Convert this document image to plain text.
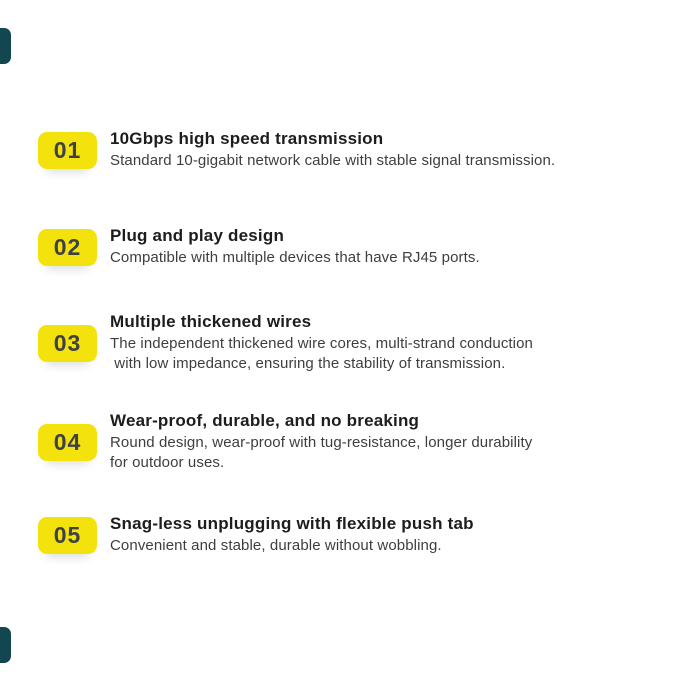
01 10Gbps high speed transmission
Standard 10-gigabit network cable with stable signal transmission.
02 Plug and play design
Compatible with multiple devices that have RJ45 ports.
03
Multiple thickened wires
The independent thickened wire cores, multi-strand conduction
with low impedance, ensuring the stability of transmission.
04
Wear-proof, durable, and no breaking
Round design, wear-proof with tug-resistance, longer durability
for outdoor uses.
05 Snag-less unplugging with flexible push tab
Convenient and stable, durable without wobbling.
